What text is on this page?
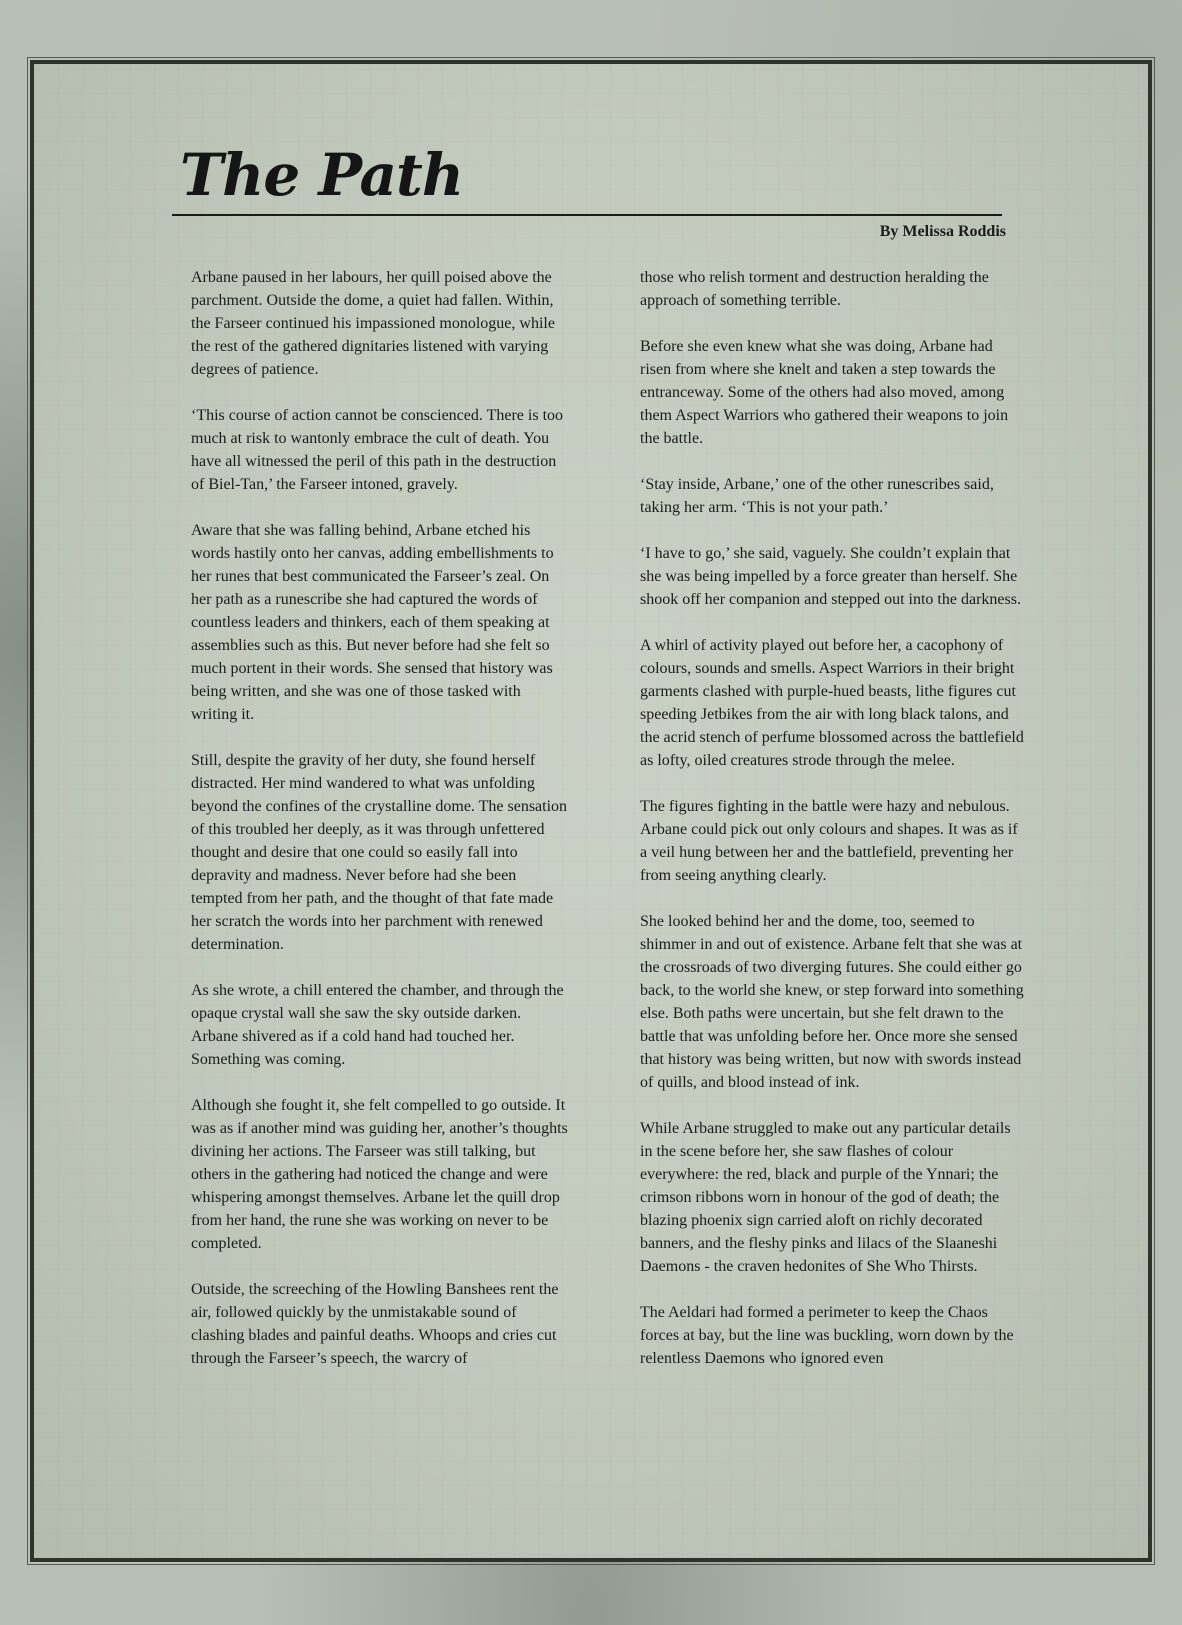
The Path
By Melissa Roddis

Arbane paused in her labours, her quill poised above the parchment. Outside the dome, a quiet had fallen. Within, the Farseer continued his impassioned monologue, while the rest of the gathered dignitaries listened with varying degrees of patience.

‘This course of action cannot be conscienced. There is too much at risk to wantonly embrace the cult of death. You have all witnessed the peril of this path in the destruction of Biel-Tan,’ the Farseer intoned, gravely.

Aware that she was falling behind, Arbane etched his words hastily onto her canvas, adding embellishments to her runes that best communicated the Farseer’s zeal. On her path as a runescribe she had captured the words of countless leaders and thinkers, each of them speaking at assemblies such as this. But never before had she felt so much portent in their words. She sensed that history was being written, and she was one of those tasked with writing it.

Still, despite the gravity of her duty, she found herself distracted. Her mind wandered to what was unfolding beyond the confines of the crystalline dome. The sensation of this troubled her deeply, as it was through unfettered thought and desire that one could so easily fall into depravity and madness. Never before had she been tempted from her path, and the thought of that fate made her scratch the words into her parchment with renewed determination.

As she wrote, a chill entered the chamber, and through the opaque crystal wall she saw the sky outside darken. Arbane shivered as if a cold hand had touched her. Something was coming.

Although she fought it, she felt compelled to go outside. It was as if another mind was guiding her, another’s thoughts divining her actions. The Farseer was still talking, but others in the gathering had noticed the change and were whispering amongst themselves. Arbane let the quill drop from her hand, the rune she was working on never to be completed.

Outside, the screeching of the Howling Banshees rent the air, followed quickly by the unmistakable sound of clashing blades and painful deaths. Whoops and cries cut through the Farseer’s speech, the warcry of

those who relish torment and destruction heralding the approach of something terrible.

Before she even knew what she was doing, Arbane had risen from where she knelt and taken a step towards the entranceway. Some of the others had also moved, among them Aspect Warriors who gathered their weapons to join the battle.

‘Stay inside, Arbane,’ one of the other runescribes said, taking her arm. ‘This is not your path.’

‘I have to go,’ she said, vaguely. She couldn’t explain that she was being impelled by a force greater than herself. She shook off her companion and stepped out into the darkness.

A whirl of activity played out before her, a cacophony of colours, sounds and smells. Aspect Warriors in their bright garments clashed with purple-hued beasts, lithe figures cut speeding Jetbikes from the air with long black talons, and the acrid stench of perfume blossomed across the battlefield as lofty, oiled creatures strode through the melee.

The figures fighting in the battle were hazy and nebulous. Arbane could pick out only colours and shapes. It was as if a veil hung between her and the battlefield, preventing her from seeing anything clearly.

She looked behind her and the dome, too, seemed to shimmer in and out of existence. Arbane felt that she was at the crossroads of two diverging futures. She could either go back, to the world she knew, or step forward into something else. Both paths were uncertain, but she felt drawn to the battle that was unfolding before her. Once more she sensed that history was being written, but now with swords instead of quills, and blood instead of ink.

While Arbane struggled to make out any particular details in the scene before her, she saw flashes of colour everywhere: the red, black and purple of the Ynnari; the crimson ribbons worn in honour of the god of death; the blazing phoenix sign carried aloft on richly decorated banners, and the fleshy pinks and lilacs of the Slaaneshi Daemons - the craven hedonites of She Who Thirsts.

The Aeldari had formed a perimeter to keep the Chaos forces at bay, but the line was buckling, worn down by the relentless Daemons who ignored even
